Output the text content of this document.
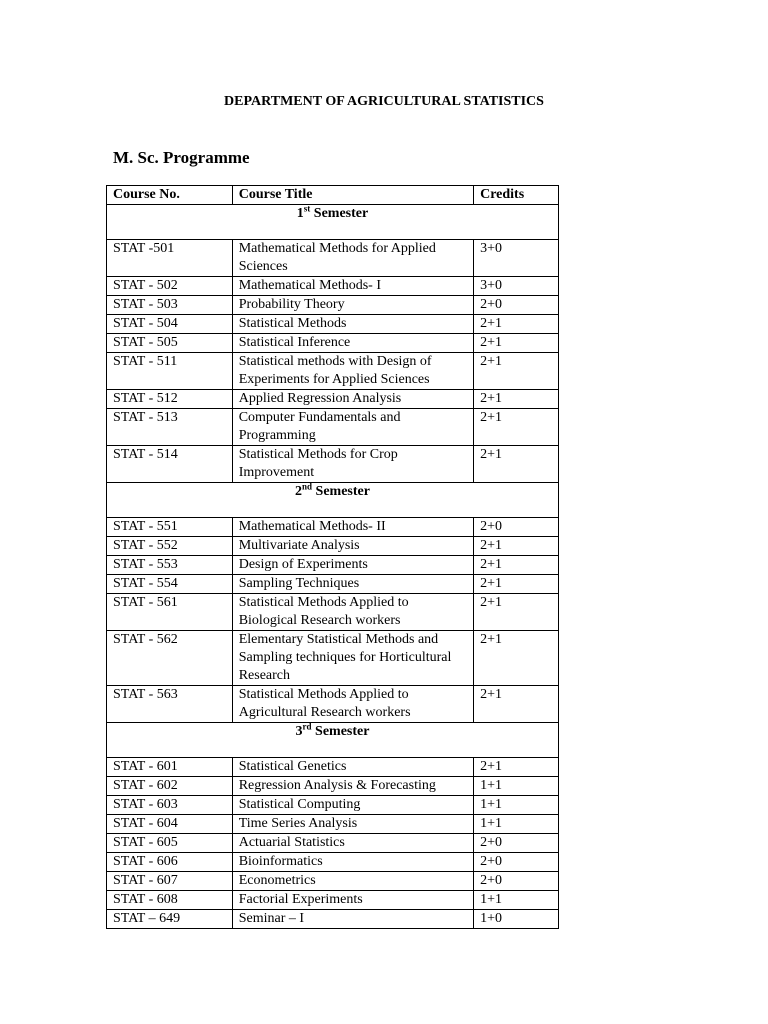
DEPARTMENT OF AGRICULTURAL STATISTICS
M. Sc. Programme
Course No.	Course Title	Credits
1st Semester		
STAT -501	Mathematical Methods for Applied Sciences	3+0
STAT - 502	Mathematical Methods- I	3+0
STAT - 503	Probability Theory	2+0
STAT - 504	Statistical Methods	2+1
STAT - 505	Statistical Inference	2+1
STAT - 511	Statistical methods with Design of Experiments for Applied Sciences	2+1
STAT - 512	Applied Regression Analysis	2+1
STAT - 513	Computer Fundamentals and Programming	2+1
STAT - 514	Statistical Methods for Crop Improvement	2+1
2nd Semester		
STAT - 551	Mathematical Methods- II	2+0
STAT - 552	Multivariate Analysis	2+1
STAT - 553	Design of Experiments	2+1
STAT - 554	Sampling Techniques	2+1
STAT - 561	Statistical Methods Applied to Biological Research workers	2+1
STAT - 562	Elementary Statistical Methods and Sampling techniques for Horticultural Research	2+1
STAT - 563	Statistical Methods Applied to Agricultural Research workers	2+1
3rd Semester		
STAT - 601	Statistical Genetics	2+1
STAT - 602	Regression Analysis & Forecasting	1+1
STAT - 603	Statistical Computing	1+1
STAT - 604	Time Series Analysis	1+1
STAT - 605	Actuarial Statistics	2+0
STAT - 606	Bioinformatics	2+0
STAT - 607	Econometrics	2+0
STAT - 608	Factorial Experiments	1+1
STAT – 649	Seminar – I	1+0
